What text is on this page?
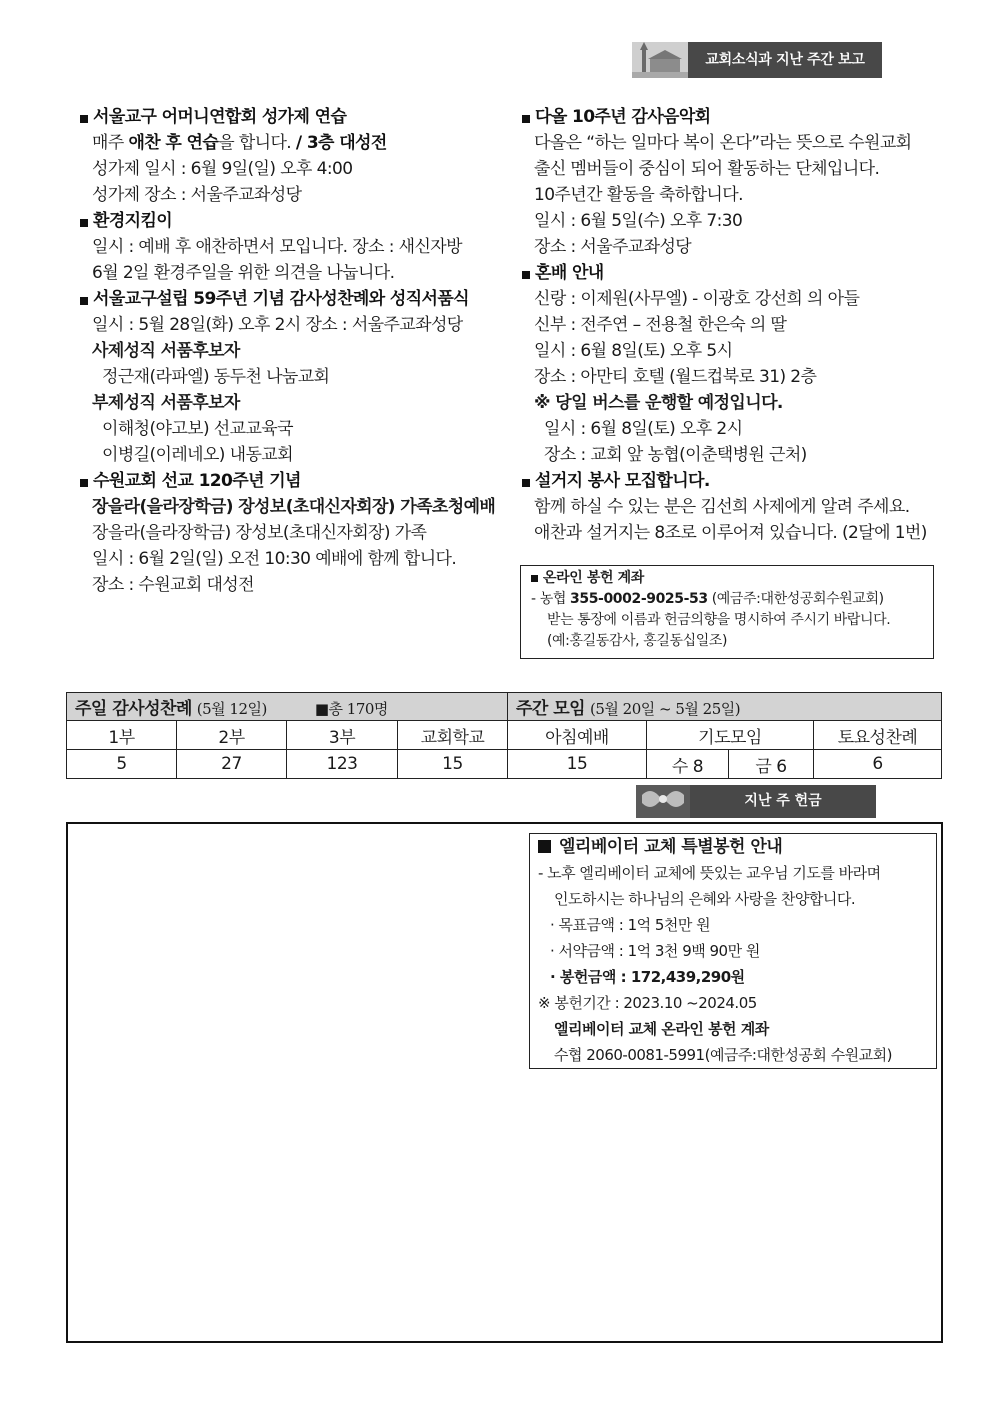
교회소식과 지난 주간 보고
서울교구 어머니연합회 성가제 연습
매주 애찬 후 연습을 합니다. / 3층 대성전
성가제 일시 : 6월 9일(일) 오후 4:00
성가제 장소 : 서울주교좌성당
환경지킴이
일시 : 예배 후 애찬하면서 모입니다. 장소 : 새신자방
6월 2일 환경주일을 위한 의견을 나눕니다.
서울교구설립 59주년 기념 감사성찬례와 성직서품식
일시 : 5월 28일(화) 오후 2시 장소 : 서울주교좌성당
사제성직 서품후보자
정근재(라파엘) 동두천 나눔교회
부제성직 서품후보자
이해청(야고보) 선교교육국
이병길(이레네오) 내동교회
수원교회 선교 120주년 기념
장을라(을라장학금) 장성보(초대신자회장) 가족초청예배
장을라(을라장학금) 장성보(초대신자회장) 가족
일시 : 6월 2일(일) 오전 10:30 예배에 함께 합니다.
장소 : 수원교회 대성전
다올 10주년 감사음악회
다올은 “하는 일마다 복이 온다”라는 뜻으로 수원교회
출신 멤버들이 중심이 되어 활동하는 단체입니다.
10주년간 활동을 축하합니다.
일시 : 6월 5일(수) 오후 7:30
장소 : 서울주교좌성당
혼배 안내
신랑 : 이제원(사무엘) - 이광호 강선희 의 아들
신부 : 전주연 – 전용철 한은숙 의 딸
일시 : 6월 8일(토) 오후 5시
장소 : 아만티 호텔 (월드컵북로 31) 2층
※ 당일 버스를 운행할 예정입니다.
일시 : 6월 8일(토) 오후 2시
장소 : 교회 앞 농협(이춘택병원 근처)
설거지 봉사 모집합니다.
함께 하실 수 있는 분은 김선희 사제에게 알려 주세요.
애찬과 설거지는 8조로 이루어져 있습니다. (2달에 1번)
온라인 봉헌 계좌
- 농협 355-0002-9025-53 (예금주:대한성공회수원교회)
받는 통장에 이름과 헌금의향을 명시하여 주시기 바랍니다.
(예:홍길동감사, 홍길동십일조)
주일 감사성찬례 (5월 12일) ■총 170명				주간 모임 (5월 20일 ~ 5월 25일)			
1부	2부	3부	교회학교	아침예배	기도모임		토요성찬례
5	27	123	15	15	수 8	금 6	6
지난 주 헌금
엘리베이터 교체 특별봉헌 안내
- 노후 엘리베이터 교체에 뜻있는 교우님 기도를 바라며
인도하시는 하나님의 은혜와 사랑을 찬양합니다.
· 목표금액 : 1억 5천만 원
· 서약금액 : 1억 3천 9백 90만 원
· 봉헌금액 : 172,439,290원
※ 봉헌기간 : 2023.10 ~2024.05
엘리베이터 교체 온라인 봉헌 계좌
수협 2060-0081-5991(예금주:대한성공회 수원교회)
